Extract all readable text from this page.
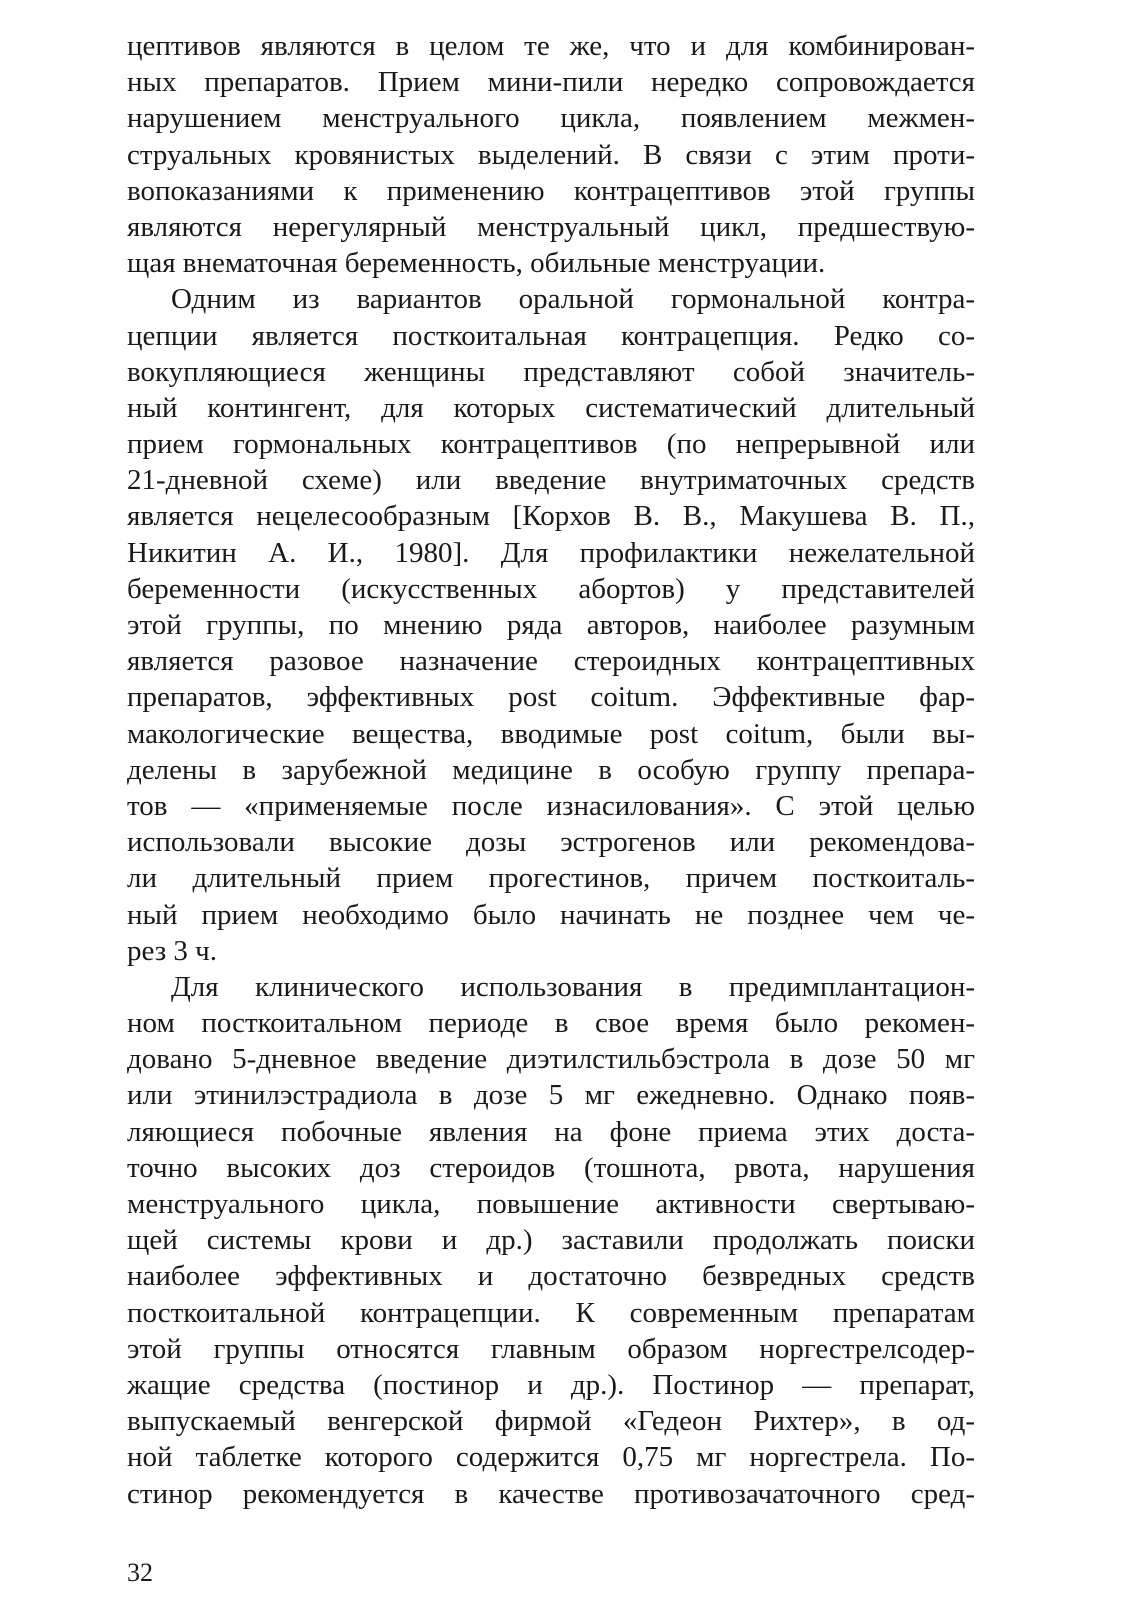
цептивов являются в целом те же, что и для комбинирован-
ных препаратов. Прием мини-пили нередко сопровождается
нарушением менструального цикла, появлением межмен-
струальных кровянистых выделений. В связи с этим проти-
вопоказаниями к применению контрацептивов этой группы
являются нерегулярный менструальный цикл, предшествую-
щая внематочная беременность, обильные менструации.
Одним из вариантов оральной гормональной контра-
цепции является посткоитальная контрацепция. Редко со-
вокупляющиеся женщины представляют собой значитель-
ный контингент, для которых систематический длительный
прием гормональных контрацептивов (по непрерывной или
21-дневной схеме) или введение внутриматочных средств
является нецелесообразным [Корхов В. В., Макушева В. П.,
Никитин А. И., 1980]. Для профилактики нежелательной
беременности (искусственных абортов) у представителей
этой группы, по мнению ряда авторов, наиболее разумным
является разовое назначение стероидных контрацептивных
препаратов, эффективных post coitum. Эффективные фар-
макологические вещества, вводимые post coitum, были вы-
делены в зарубежной медицине в особую группу препара-
тов — «применяемые после изнасилования». С этой целью
использовали высокие дозы эстрогенов или рекомендова-
ли длительный прием прогестинов, причем посткоиталь-
ный прием необходимо было начинать не позднее чем че-
рез 3 ч.
Для клинического использования в предимплантацион-
ном посткоитальном периоде в свое время было рекомен-
довано 5-дневное введение диэтилстильбэстрола в дозе 50 мг
или этинилэстрадиола в дозе 5 мг ежедневно. Однако появ-
ляющиеся побочные явления на фоне приема этих доста-
точно высоких доз стероидов (тошнота, рвота, нарушения
менструального цикла, повышение активности свертываю-
щей системы крови и др.) заставили продолжать поиски
наиболее эффективных и достаточно безвредных средств
посткоитальной контрацепции. К современным препаратам
этой группы относятся главным образом норгестрелсодер-
жащие средства (постинор и др.). Постинор — препарат,
выпускаемый венгерской фирмой «Гедеон Рихтер», в од-
ной таблетке которого содержится 0,75 мг норгестрела. По-
стинор рекомендуется в качестве противозачаточного сред-
32
